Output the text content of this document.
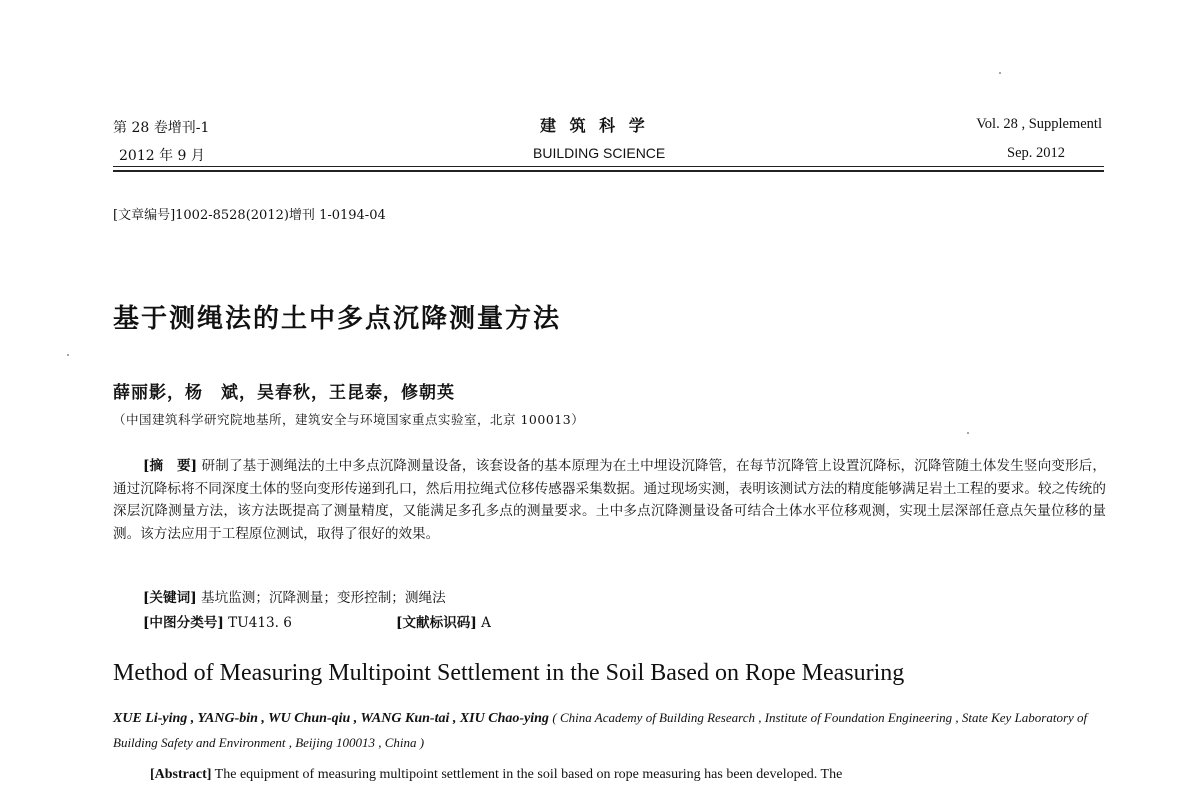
第 28 卷增刊-1
2012 年 9 月
建 筑 科 学
BUILDING SCIENCE
Vol. 28 , Supplementl
Sep. 2012
[文章编号]1002-8528(2012)增刊 1-0194-04
基于测绳法的土中多点沉降测量方法
薛丽影，杨　斌，吴春秋，王昆泰，修朝英
（中国建筑科学研究院地基所，建筑安全与环境国家重点实验室，北京 100013）
[摘　要] 研制了基于测绳法的土中多点沉降测量设备，该套设备的基本原理为在土中埋设沉降管，在每节沉降管上设置沉降标，沉降管随土体发生竖向变形后，通过沉降标将不同深度土体的竖向变形传递到孔口，然后用拉绳式位移传感器采集数据。通过现场实测，表明该测试方法的精度能够满足岩土工程的要求。较之传统的深层沉降测量方法，该方法既提高了测量精度，又能满足多孔多点的测量要求。土中多点沉降测量设备可结合土体水平位移观测，实现土层深部任意点矢量位移的量测。该方法应用于工程原位测试，取得了很好的效果。
[关键词] 基坑监测；沉降测量；变形控制；测绳法
[中图分类号] TU413. 6	[文献标识码] A
Method of Measuring Multipoint Settlement in the Soil Based on Rope Measuring
XUE Li-ying , YANG-bin , WU Chun-qiu , WANG Kun-tai , XIU Chao-ying ( China Academy of Building Research , Institute of Foundation Engineering , State Key Laboratory of Building Safety and Environment , Beijing 100013 , China )
[Abstract] The equipment of measuring multipoint settlement in the soil based on rope measuring has been developed. The
